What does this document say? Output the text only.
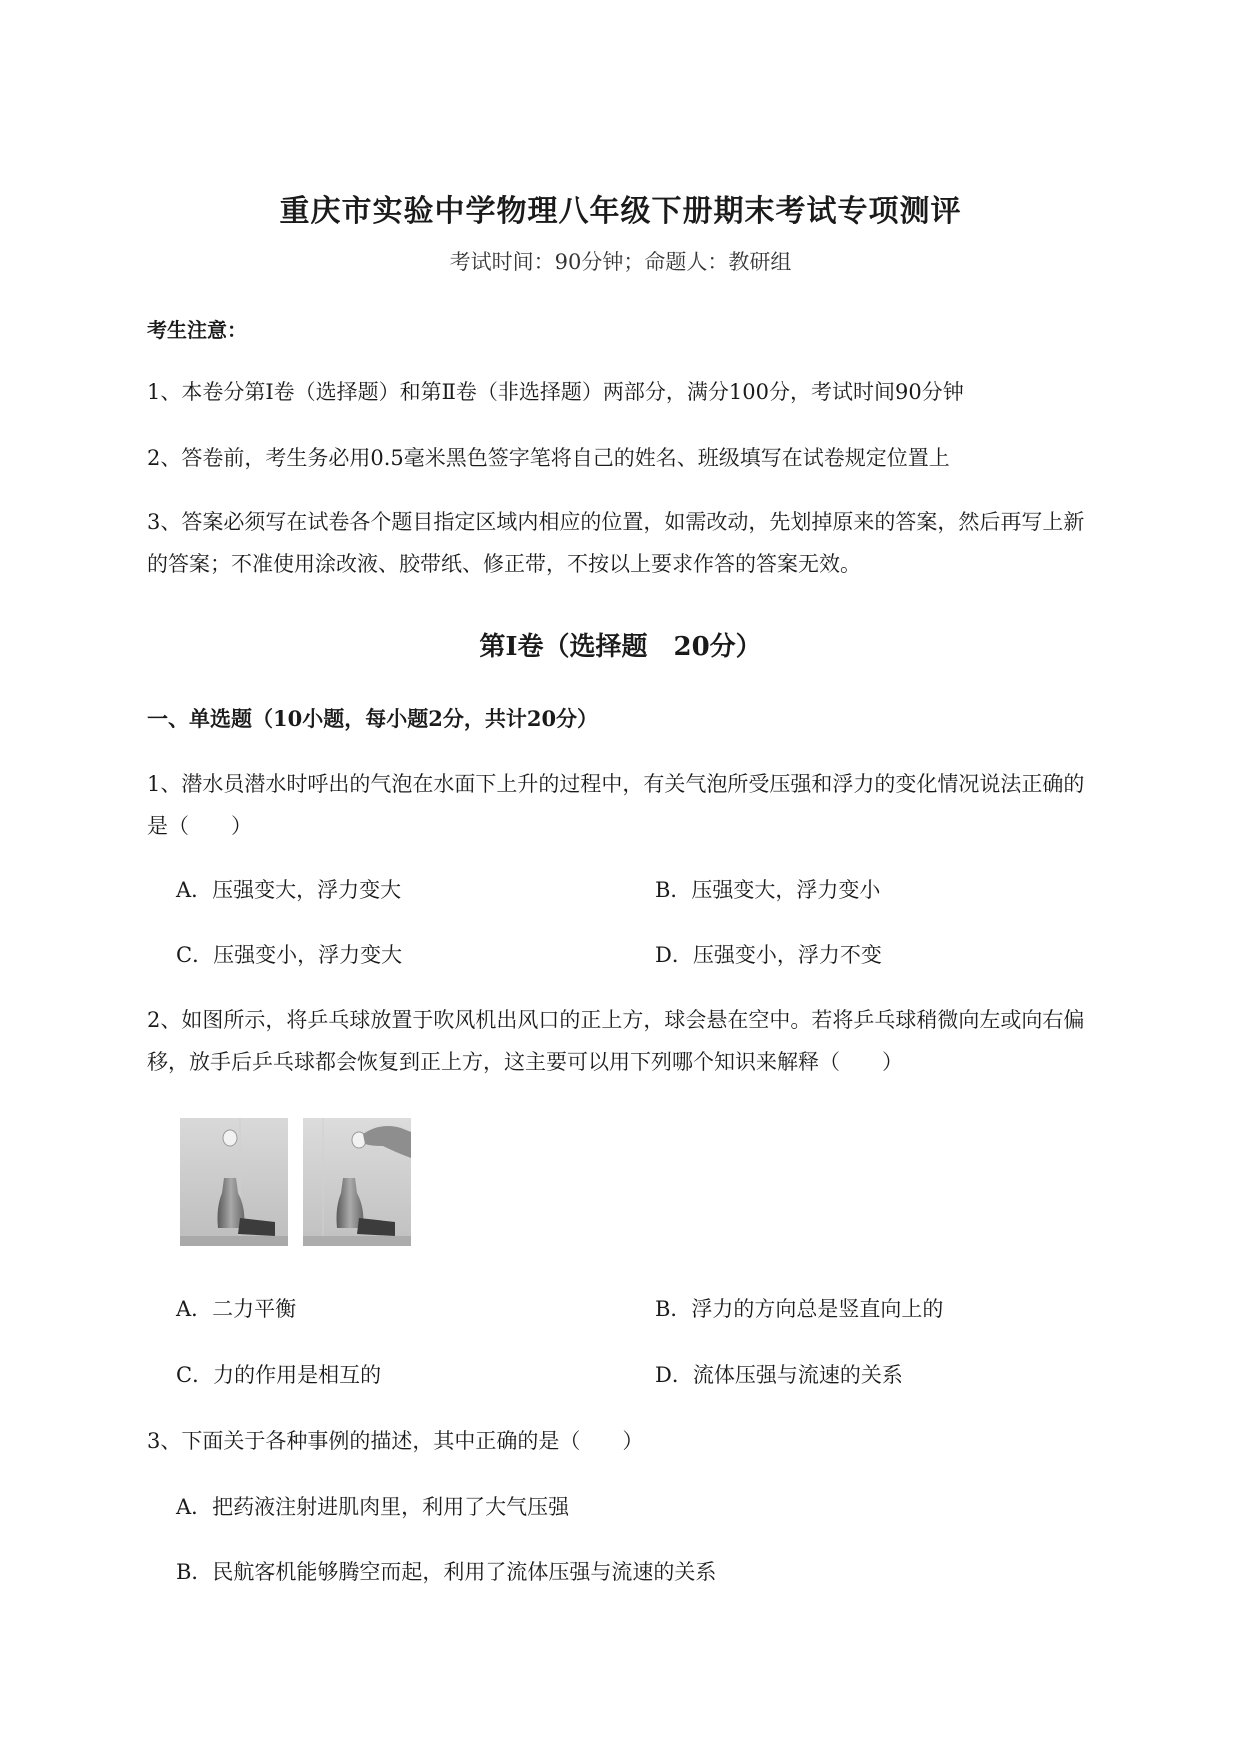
重庆市实验中学物理八年级下册期末考试专项测评
考试时间：90分钟；命题人：教研组
考生注意：
1、本卷分第I卷（选择题）和第Ⅱ卷（非选择题）两部分，满分100分，考试时间90分钟
2、答卷前，考生务必用0.5毫米黑色签字笔将自己的姓名、班级填写在试卷规定位置上
3、答案必须写在试卷各个题目指定区域内相应的位置，如需改动，先划掉原来的答案，然后再写上新
的答案；不准使用涂改液、胶带纸、修正带，不按以上要求作答的答案无效。
第I卷（选择题　20分）
一、单选题（10小题，每小题2分，共计20分）
1、潜水员潜水时呼出的气泡在水面下上升的过程中，有关气泡所受压强和浮力的变化情况说法正确的
是（　　）
A．压强变大，浮力变大	B．压强变大，浮力变小
C．压强变小，浮力变大	D．压强变小，浮力不变
2、如图所示，将乒乓球放置于吹风机出风口的正上方，球会悬在空中。若将乒乓球稍微向左或向右偏
移，放手后乒乓球都会恢复到正上方，这主要可以用下列哪个知识来解释（　　）
A．二力平衡	B．浮力的方向总是竖直向上的
C．力的作用是相互的	D．流体压强与流速的关系
3、下面关于各种事例的描述，其中正确的是（　　）
A．把药液注射进肌肉里，利用了大气压强
B．民航客机能够腾空而起，利用了流体压强与流速的关系
